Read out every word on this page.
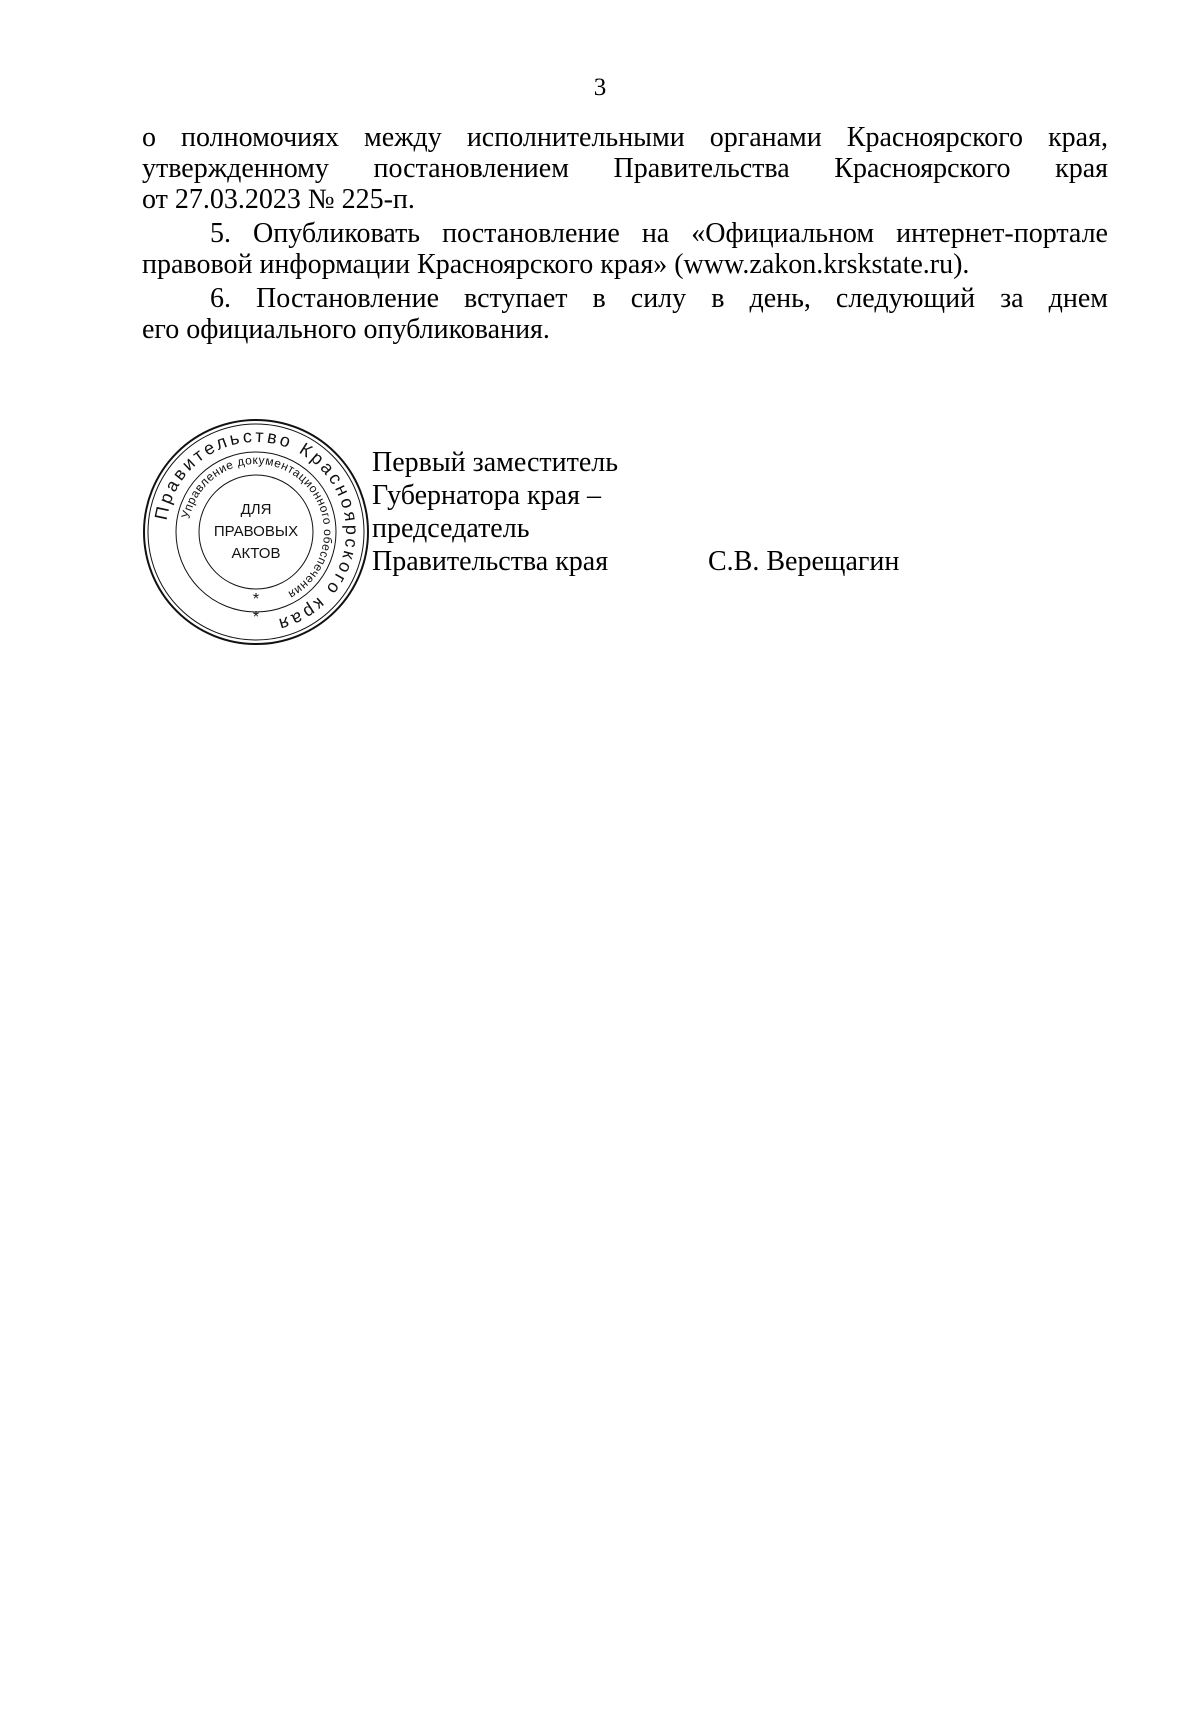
3
о полномочиях между исполнительными органами Красноярского края,
утвержденному постановлением Правительства Красноярского края
от 27.03.2023 № 225-п.
5. Опубликовать постановление на «Официальном интернет-портале
правовой информации Красноярского края» (www.zakon.krskstate.ru).
6. Постановление вступает в силу в день, следующий за днем
его официального опубликования.
Правительство Красноярского края
Управление документационного обеспечения
ДЛЯ
ПРАВОВЫХ
АКТОВ
*
*
Первый заместитель
Губернатора края –
председатель
Правительства края	С.В. Верещагин
